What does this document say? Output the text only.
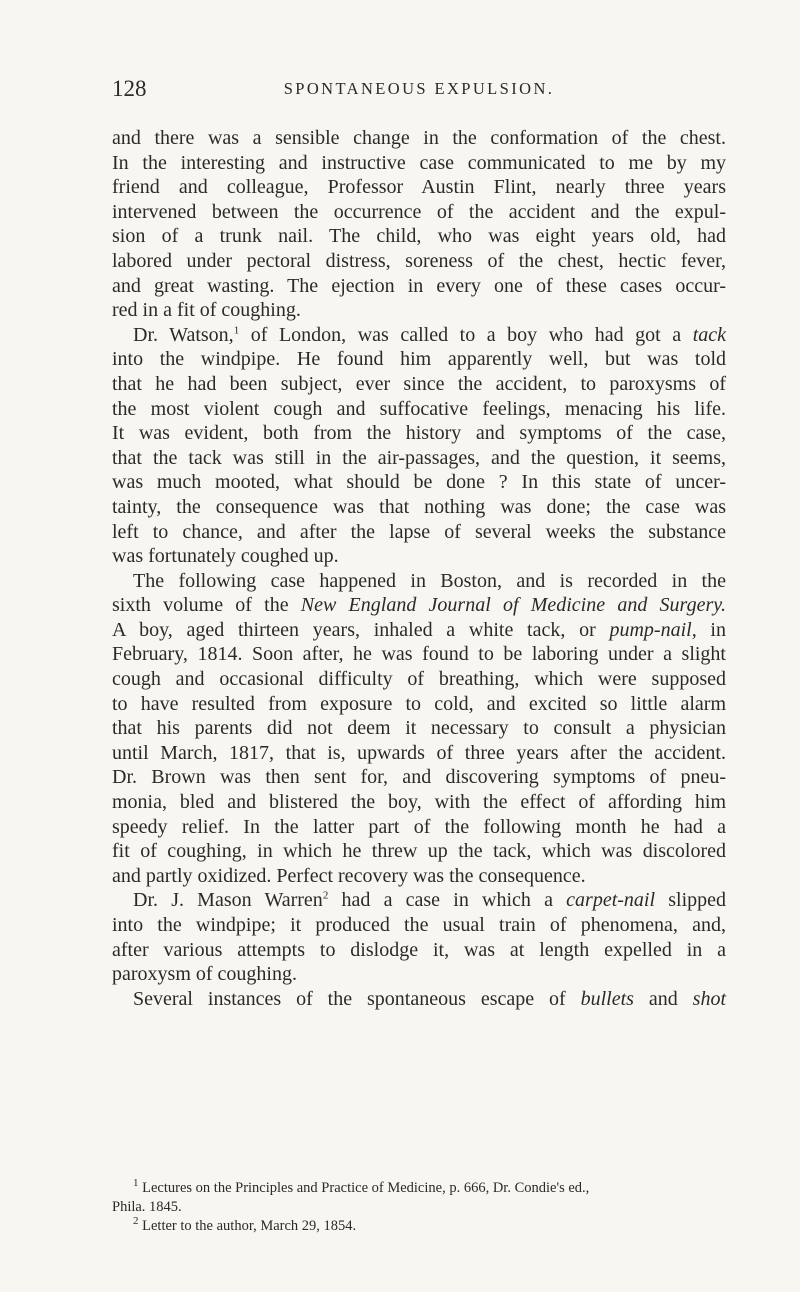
128	SPONTANEOUS EXPULSION.
and there was a sensible change in the conformation of the chest.
In the interesting and instructive case communicated to me by my
friend and colleague, Professor Austin Flint, nearly three years
intervened between the occurrence of the accident and the expul-
sion of a trunk nail. The child, who was eight years old, had
labored under pectoral distress, soreness of the chest, hectic fever,
and great wasting. The ejection in every one of these cases occur-
red in a fit of coughing.
Dr. Watson,$^1$ of London, was called to a boy who had got a tack
into the windpipe. He found him apparently well, but was told
that he had been subject, ever since the accident, to paroxysms of
the most violent cough and suffocative feelings, menacing his life.
It was evident, both from the history and symptoms of the case,
that the tack was still in the air-passages, and the question, it seems,
was much mooted, what should be done ? In this state of uncer-
tainty, the consequence was that nothing was done; the case was
left to chance, and after the lapse of several weeks the substance
was fortunately coughed up.
The following case happened in Boston, and is recorded in the
sixth volume of the New England Journal of Medicine and Surgery.
A boy, aged thirteen years, inhaled a white tack, or pump-nail, in
February, 1814. Soon after, he was found to be laboring under a slight
cough and occasional difficulty of breathing, which were supposed
to have resulted from exposure to cold, and excited so little alarm
that his parents did not deem it necessary to consult a physician
until March, 1817, that is, upwards of three years after the accident.
Dr. Brown was then sent for, and discovering symptoms of pneu-
monia, bled and blistered the boy, with the effect of affording him
speedy relief. In the latter part of the following month he had a
fit of coughing, in which he threw up the tack, which was discolored
and partly oxidized. Perfect recovery was the consequence.
Dr. J. Mason Warren$^2$ had a case in which a carpet-nail slipped
into the windpipe; it produced the usual train of phenomena, and,
after various attempts to dislodge it, was at length expelled in a
paroxysm of coughing.
Several instances of the spontaneous escape of bullets and shot
$^1$ Lectures on the Principles and Practice of Medicine, p. 666, Dr. Condie's ed.,
Phila. 1845.
$^2$ Letter to the author, March 29, 1854.
